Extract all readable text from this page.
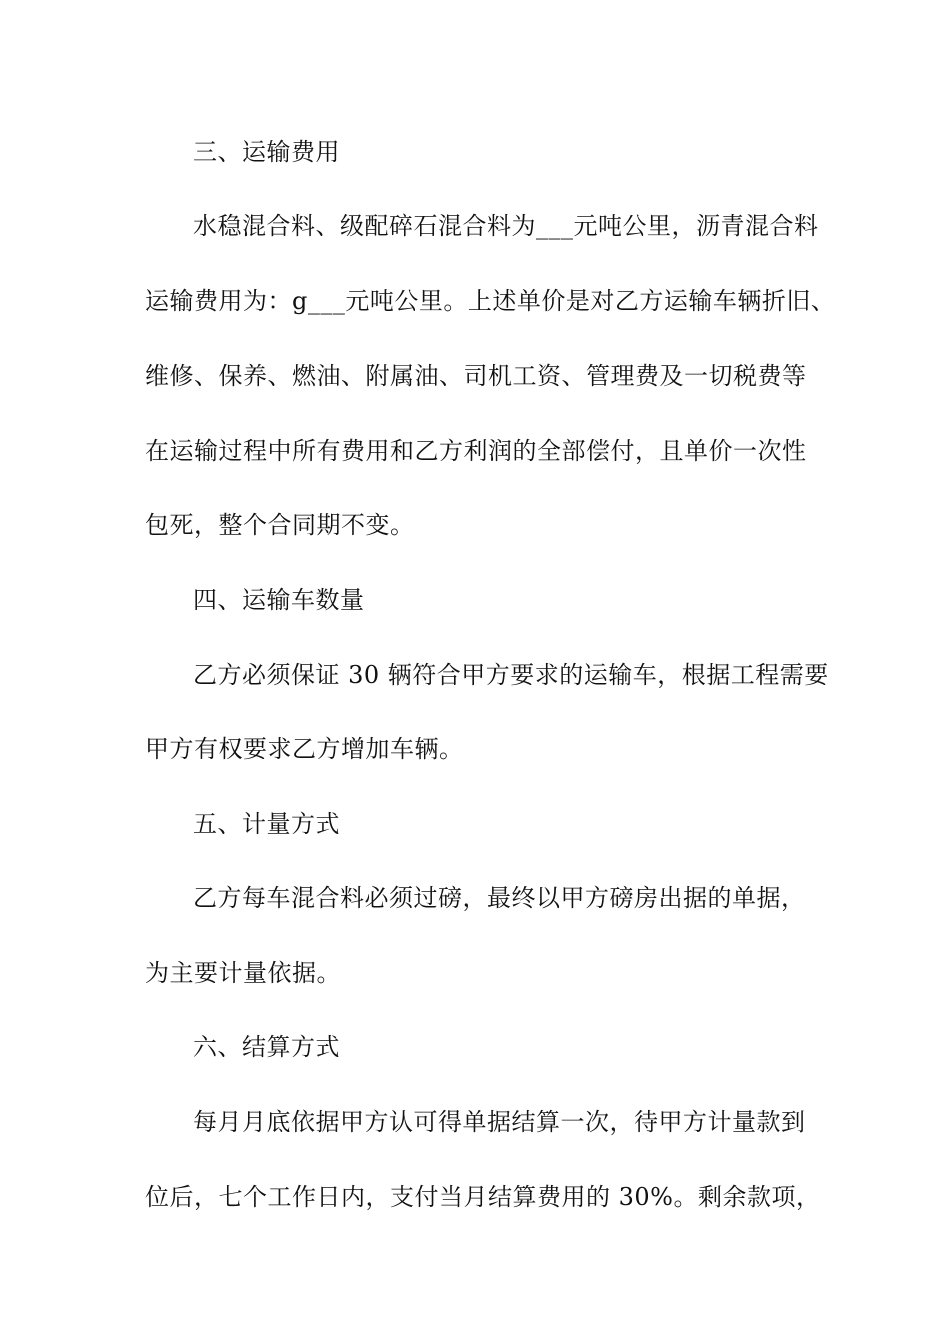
三、运输费用
水稳混合料、级配碎石混合料为___元吨公里，沥青混合料
运输费用为：g___元吨公里。上述单价是对乙方运输车辆折旧、
维修、保养、燃油、附属油、司机工资、管理费及一切税费等
在运输过程中所有费用和乙方利润的全部偿付，且单价一次性
包死，整个合同期不变。
四、运输车数量
乙方必须保证 30 辆符合甲方要求的运输车，根据工程需要
甲方有权要求乙方增加车辆。
五、计量方式
乙方每车混合料必须过磅，最终以甲方磅房出据的单据，
为主要计量依据。
六、结算方式
每月月底依据甲方认可得单据结算一次，待甲方计量款到
位后，七个工作日内，支付当月结算费用的 30%。剩余款项，
